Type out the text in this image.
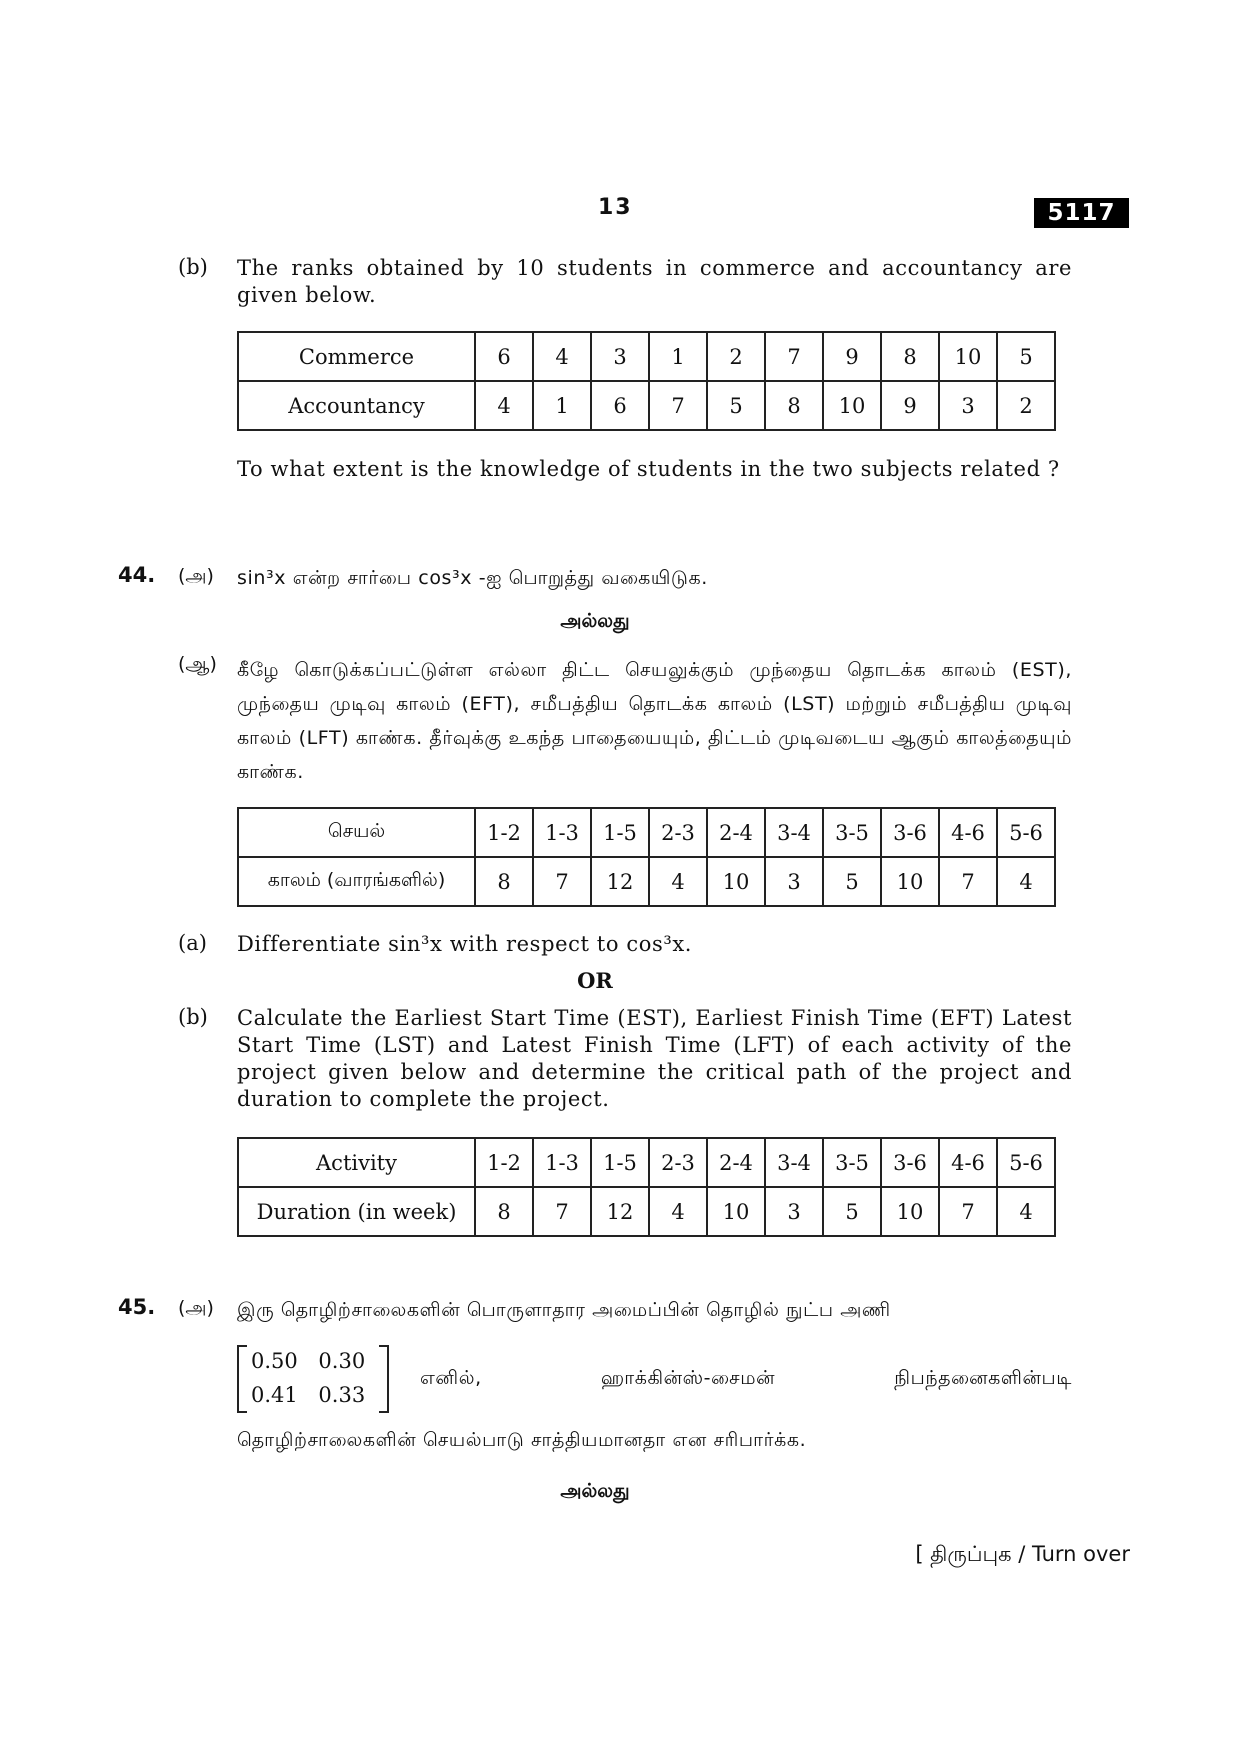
13	5117
(b) The ranks obtained by 10 students in commerce and accountancy are given below.
Commerce	6	4	3	1	2	7	9	8	10	5
Accountancy	4	1	6	7	5	8	10	9	3	2
To what extent is the knowledge of students in the two subjects related ?
44. (அ) sin³x என்ற சார்பை cos³x -ஐ பொறுத்து வகையிடுக.
அல்லது
(ஆ) கீழே கொடுக்கப்பட்டுள்ள எல்லா திட்ட செயலுக்கும் முந்தைய தொடக்க காலம் (EST), முந்தைய முடிவு காலம் (EFT), சமீபத்திய தொடக்க காலம் (LST) மற்றும் சமீபத்திய முடிவு காலம் (LFT) காண்க. தீர்வுக்கு உகந்த பாதையையும், திட்டம் முடிவடைய ஆகும் காலத்தையும் காண்க.
செயல்	1-2	1-3	1-5	2-3	2-4	3-4	3-5	3-6	4-6	5-6
காலம் (வாரங்களில்)	8	7	12	4	10	3	5	10	7	4
(a) Differentiate sin³x with respect to cos³x.
OR
(b) Calculate the Earliest Start Time (EST), Earliest Finish Time (EFT) Latest Start Time (LST) and Latest Finish Time (LFT) of each activity of the project given below and determine the critical path of the project and duration to complete the project.
Activity	1-2	1-3	1-5	2-3	2-4	3-4	3-5	3-6	4-6	5-6
Duration (in week)	8	7	12	4	10	3	5	10	7	4
45. (அ) இரு தொழிற்சாலைகளின் பொருளாதார அமைப்பின் தொழில் நுட்ப அணி
0.50 0.30
0.41 0.33
எனில், ஹாக்கின்ஸ்-சைமன் நிபந்தனைகளின்படி
தொழிற்சாலைகளின் செயல்பாடு சாத்தியமானதா என சரிபார்க்க.
அல்லது
[ திருப்புக / Turn over
